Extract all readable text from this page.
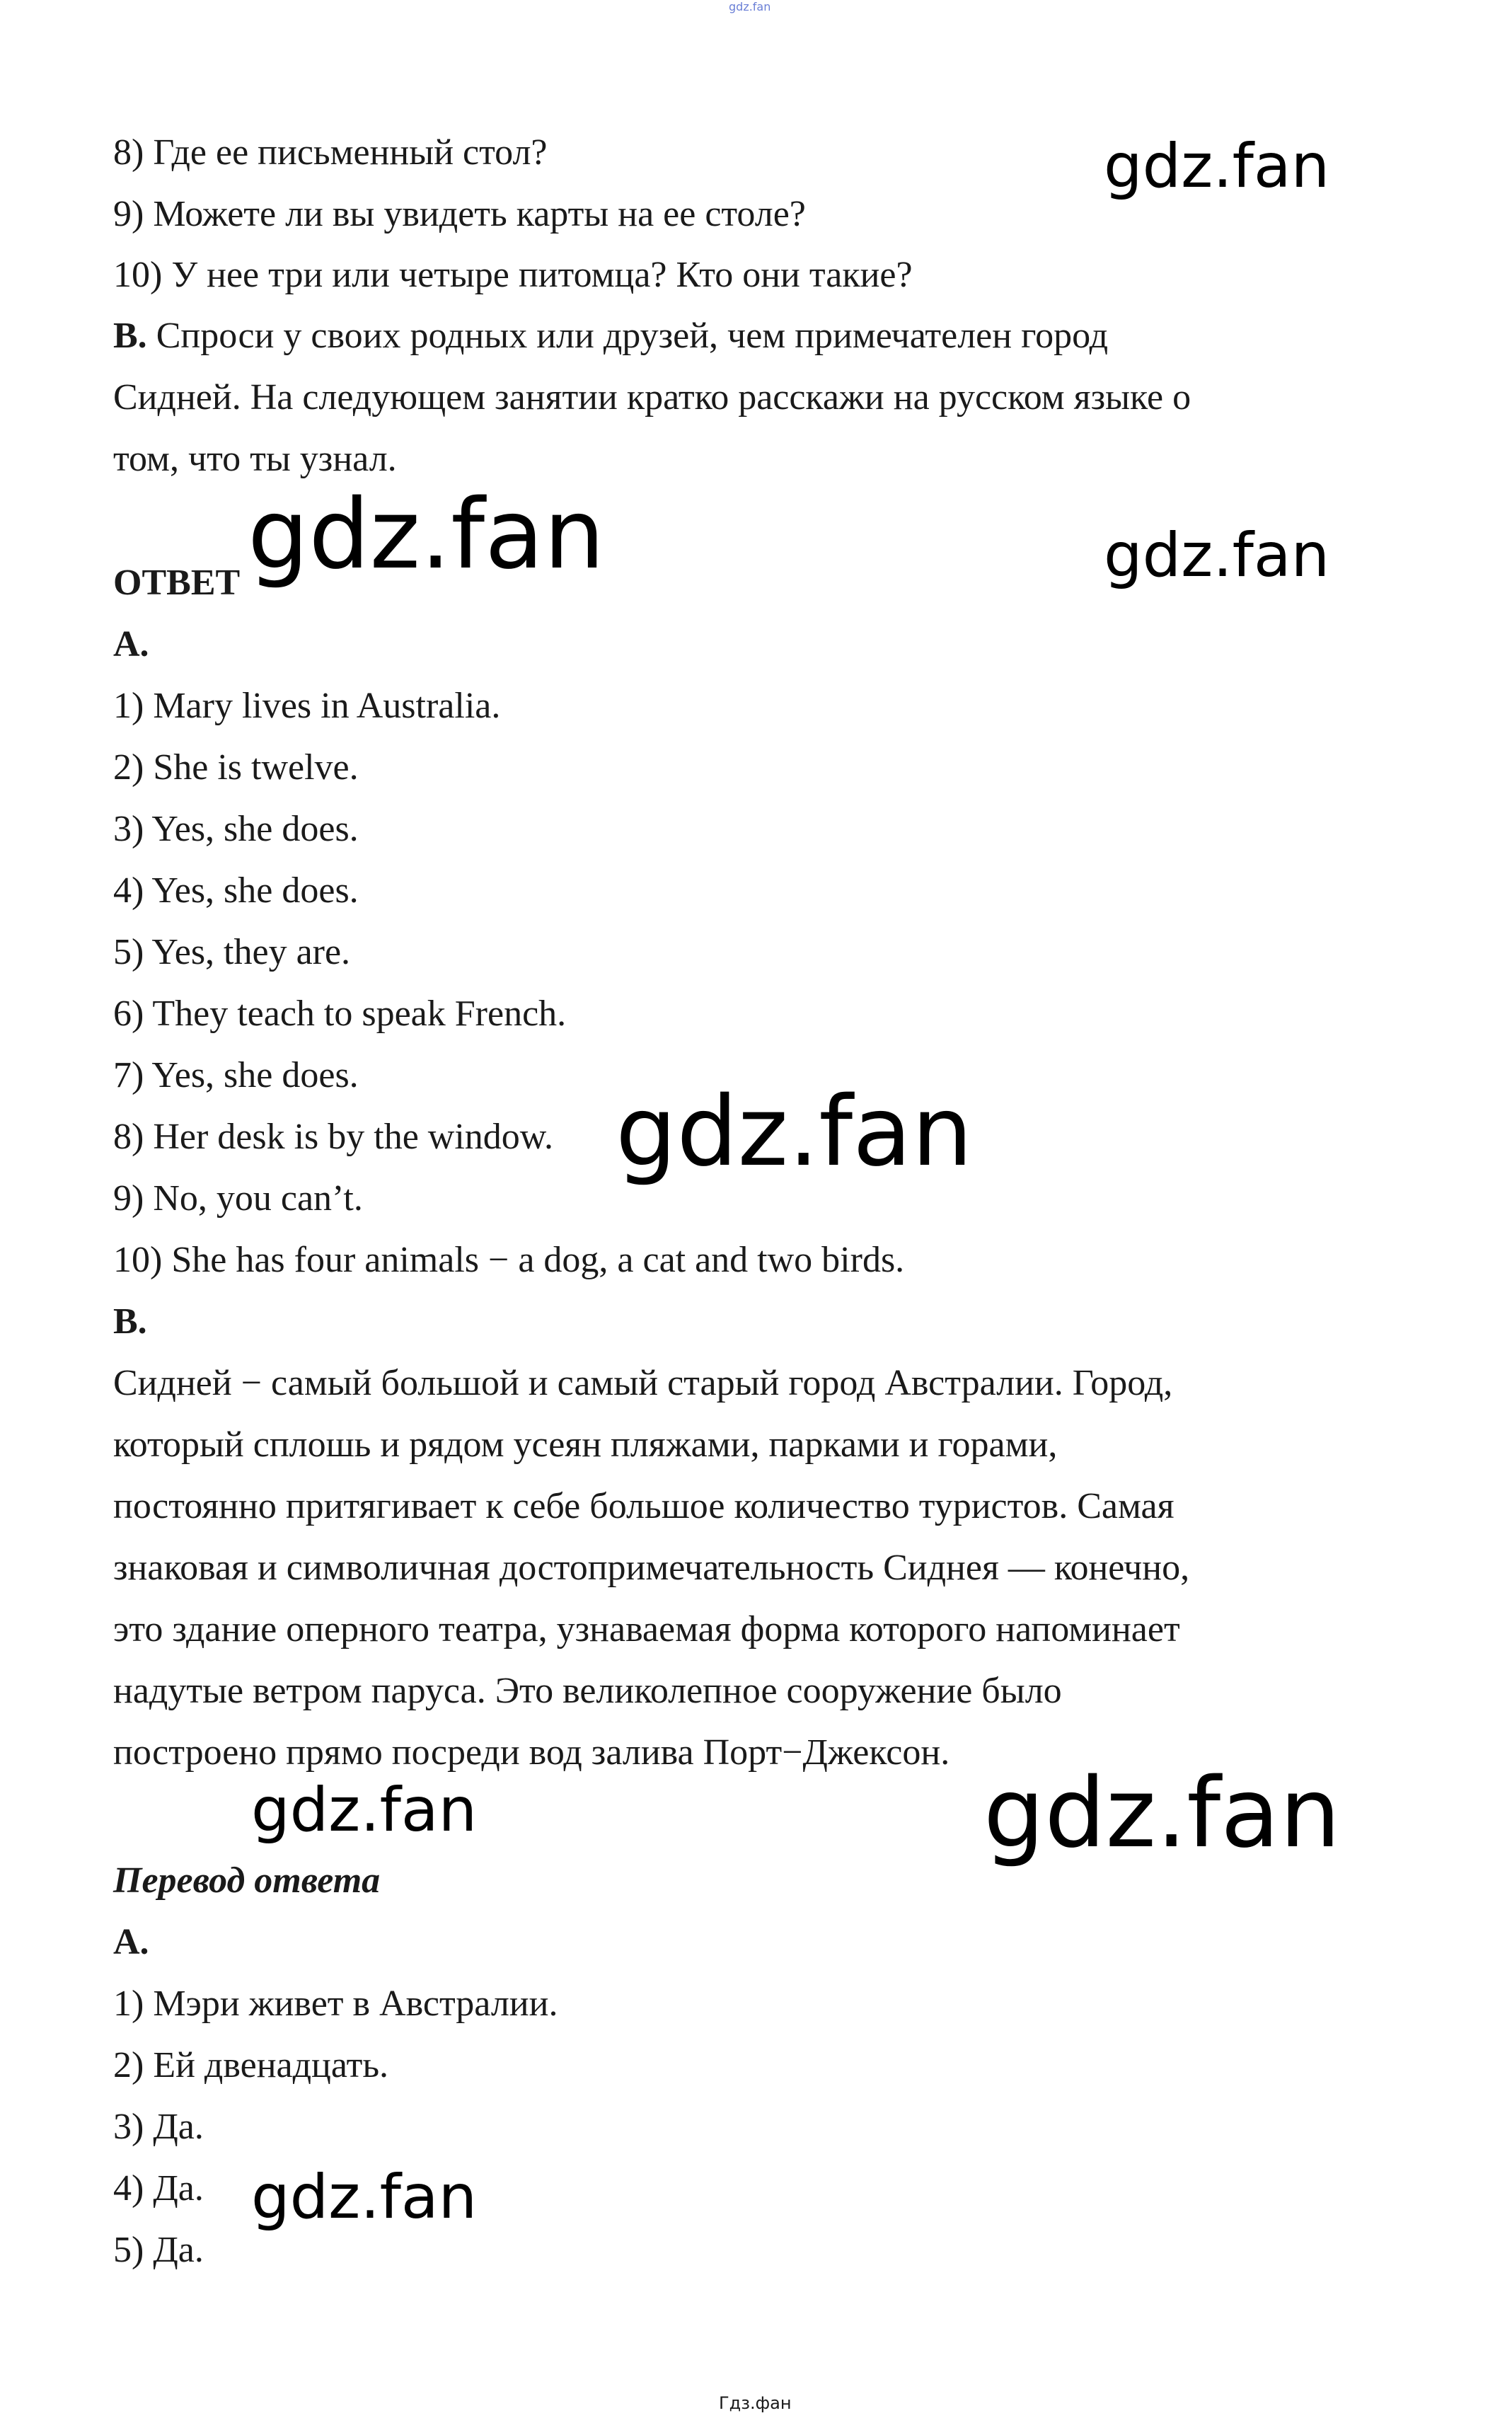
gdz.fan
8) Где ее письменный стол?
9) Можете ли вы увидеть карты на ее столе?
10) У нее три или четыре питомца? Кто они такие?
B. Спроси у своих родных или друзей, чем примечателен город
Сидней. На следующем занятии кратко расскажи на русском языке о
том, что ты узнал.
ОТВЕТ
A.
1) Mary lives in Australia.
2) She is twelve.
3) Yes, she does.
4) Yes, she does.
5) Yes, they are.
6) They teach to speak French.
7) Yes, she does.
8) Her desk is by the window.
9) No, you can’t.
10) She has four animals − a dog, a cat and two birds.
B.
Сидней − самый большой и самый старый город Австралии. Город,
который сплошь и рядом усеян пляжами, парками и горами,
постоянно притягивает к себе большое количество туристов. Самая
знаковая и символичная достопримечательность Сиднея — конечно,
это здание оперного театра, узнаваемая форма которого напоминает
надутые ветром паруса. Это великолепное сооружение было
построено прямо посреди вод залива Порт−Джексон.
Перевод ответа
A.
1) Мэри живет в Австралии.
2) Ей двенадцать.
3) Да.
4) Да.
5) Да.
gdz.fan
gdz.fan	gdz.fan
gdz.fan
gdz.fan	gdz.fan
gdz.fan
Гдз.фан
